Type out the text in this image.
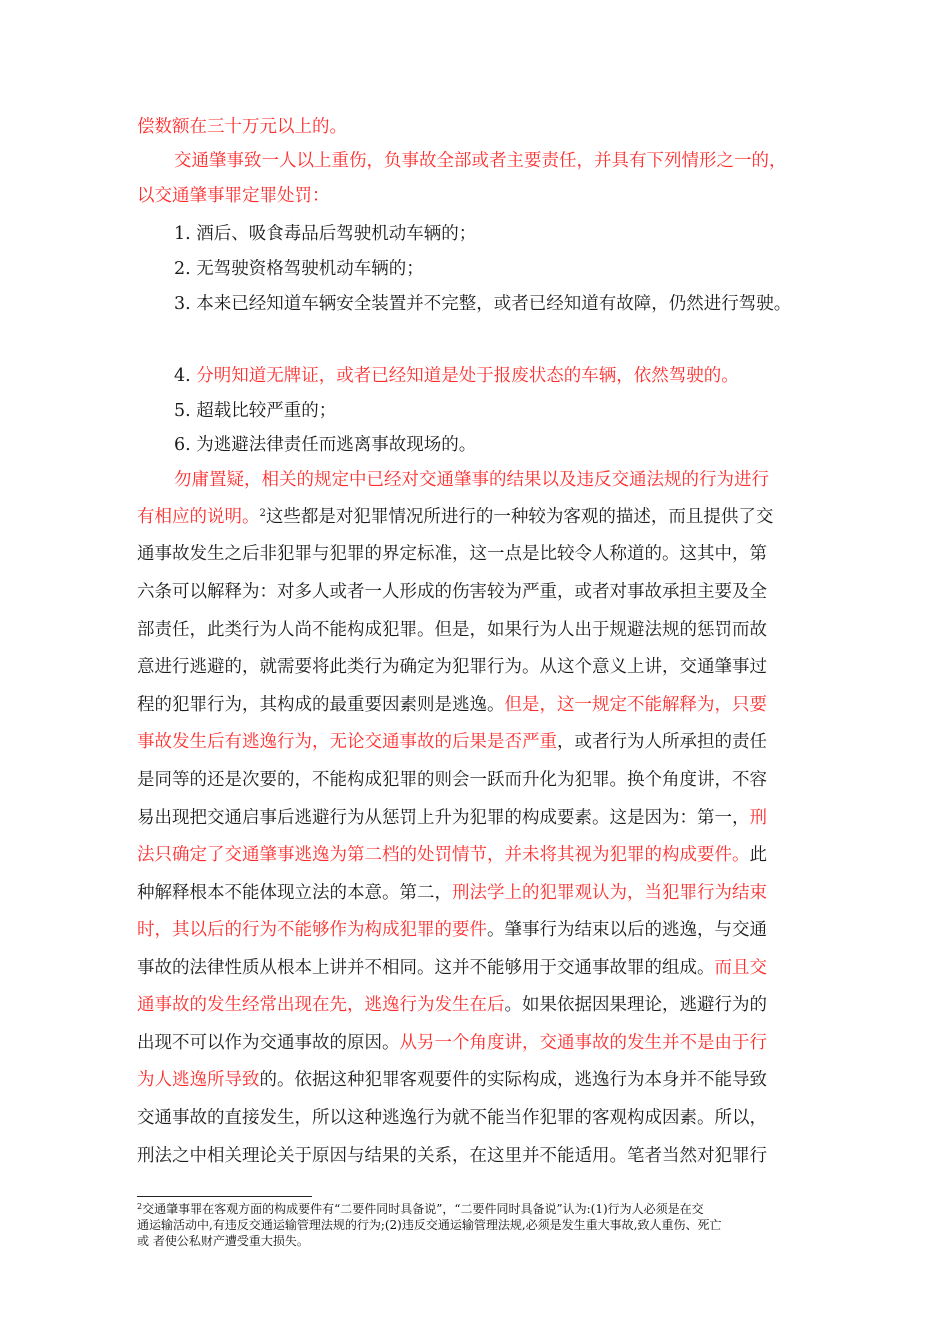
偿数额在三十万元以上的。
交通肇事致一人以上重伤，负事故全部或者主要责任，并具有下列情形之一的，
以交通肇事罪定罪处罚：
1. 酒后、吸食毒品后驾驶机动车辆的；
2. 无驾驶资格驾驶机动车辆的；
3. 本来已经知道车辆安全装置并不完整，或者已经知道有故障，仍然进行驾驶。
4. 分明知道无牌证，或者已经知道是处于报废状态的车辆，依然驾驶的。
5. 超载比较严重的；
6. 为逃避法律责任而逃离事故现场的。
勿庸置疑，相关的规定中已经对交通肇事的结果以及违反交通法规的行为进行
有相应的说明。$^2$这些都是对犯罪情况所进行的一种较为客观的描述，而且提供了交
通事故发生之后非犯罪与犯罪的界定标准，这一点是比较令人称道的。这其中，第
六条可以解释为：对多人或者一人形成的伤害较为严重，或者对事故承担主要及全
部责任，此类行为人尚不能构成犯罪。但是，如果行为人出于规避法规的惩罚而故
意进行逃避的，就需要将此类行为确定为犯罪行为。从这个意义上讲，交通肇事过
程的犯罪行为，其构成的最重要因素则是逃逸。但是，这一规定不能解释为，只要
事故发生后有逃逸行为，无论交通事故的后果是否严重，或者行为人所承担的责任
是同等的还是次要的，不能构成犯罪的则会一跃而升化为犯罪。换个角度讲，不容
易出现把交通启事后逃避行为从惩罚上升为犯罪的构成要素。这是因为：第一，刑
法只确定了交通肇事逃逸为第二档的处罚情节，并未将其视为犯罪的构成要件。此
种解释根本不能体现立法的本意。第二，刑法学上的犯罪观认为，当犯罪行为结束
时，其以后的行为不能够作为构成犯罪的要件。肇事行为结束以后的逃逸，与交通
事故的法律性质从根本上讲并不相同。这并不能够用于交通事故罪的组成。而且交
通事故的发生经常出现在先，逃逸行为发生在后。如果依据因果理论，逃避行为的
出现不可以作为交通事故的原因。从另一个角度讲，交通事故的发生并不是由于行
为人逃逸所导致的。依据这种犯罪客观要件的实际构成，逃逸行为本身并不能导致
交通事故的直接发生，所以这种逃逸行为就不能当作犯罪的客观构成因素。所以，
刑法之中相关理论关于原因与结果的关系，在这里并不能适用。笔者当然对犯罪行
$^2$交通肇事罪在客观方面的构成要件有“二要件同时具备说”，“二要件同时具备说”认为:(1)行为人必须是在交
通运输活动中,有违反交通运输管理法规的行为;(2)违反交通运输管理法规,必须是发生重大事故,致人重伤、死亡
或 者使公私财产遭受重大损失。
